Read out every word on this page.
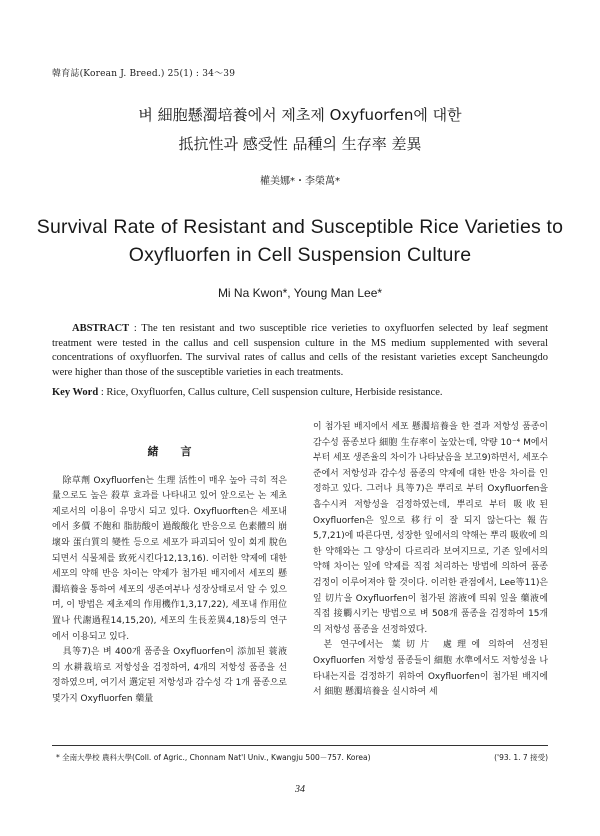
韓育誌(Korean J. Breed.) 25(1) : 34～39
벼 細胞懸濁培養에서 제초제 Oxyfuorfen에 대한
抵抗性과 感受性 品種의 生存率 差異
權美娜*・李榮萬*
Survival Rate of Resistant and Susceptible Rice Varieties to
Oxyfluorfen in Cell Suspension Culture
Mi Na Kwon*, Young Man Lee*
ABSTRACT : The ten resistant and two susceptible rice verieties to oxyfluorfen selected by leaf segment treatment were tested in the callus and cell suspension culture in the MS medium supplemented with several concentrations of oxyfluorfen. The survival rates of callus and cells of the resistant varieties except Sancheungdo were higher than those of the susceptible varieties in each treatments.
Key Word : Rice, Oxyfluorfen, Callus culture, Cell suspension culture, Herbiside resistance.
緒言

除草劑 Oxyfluorfen는 生理 活性이 매우 높아 극히 적은 量으로도 높은 殺草 효과를 나타내고 있어 앞으로는 논 제초제로서의 이용이 유망시 되고 있다. Oxyfluorften은 세포내에서 多價 不飽和 脂肪酸이 過酸酸化 반응으로 色素體의 崩壞와 蛋白質의 變性 등으로 세포가 파괴되어 잎이 회게 脫色되면서 식물체를 致死시킨다12,13,16). 이러한 약제에 대한 세포의 약해 반응 차이는 약제가 첨가된 배지에서 세포의 懸濁培養을 통하여 세포의 생존여부나 성장상태로서 알 수 있으며, 이 방법은 제초제의 作用機作1,3,17,22), 세포내 作用位置나 代謝過程14,15,20), 세포의 生長差異4,18)등의 연구에서 이용되고 있다.

具等7)은 벼 400개 품종을 Oxyfluorfen이 添加된 蓑液의 水耕栽培로 저항성을 검정하여, 4개의 저항성 품종을 선정하였으며, 여기서 選定된 저항성과 감수성 각 1개 품종으로 몇가지 Oxyfluorfen 藥量

이 첨가된 배지에서 세포 懸濁培養을 한 결과 저항성 품종이 감수성 품종보다 細胞 生存率이 높았는데, 약량 10⁻⁴ M에서 부터 세포 생존율의 차이가 나타났음을 보고9)하면서, 세포수준에서 저항성과 감수성 품종의 약제에 대한 반응 차이를 인정하고 있다. 그러나 具等7)은 뿌리로 부터 Oxyfluorfen을 흡수시켜 저항성을 검정하였는데, 뿌리로 부터 吸收된 Oxyfluorfen은 잎으로 移行이 잘 되지 않는다는 報告5,7,21)에 따른다면, 성장한 잎에서의 약해는 뿌리 吸收에 의한 약해와는 그 양상이 다르리라 보여지므로, 기존 잎에서의 약해 차이는 잎에 약제를 직접 처리하는 방법에 의하여 품종 검정이 이루어져야 할 것이다. 이러한 관점에서, Lee等11)은 잎 切片을 Oxyfluorfen이 첨가된 溶液에 띄워 잎을 藥液에 직접 接觸시키는 방법으로 벼 508개 품종을 검정하여 15개의 저항성 품종을 선정하였다.

본 연구에서는 葉切片 處理에 의하여 선정된 Oxyfluorfen 저항성 품종들이 細胞 水準에서도 저항성을 나타내는지를 검정하기 위하여 Oxyfluorfen이 첨가된 배지에서 細胞 懸濁培養을 실시하여 세

* 全南大學校 農科大學(Coll. of Agric., Chonnam Nat'l Univ., Kwangju 500－757. Korea)	('93. 1. 7 接受)
34
